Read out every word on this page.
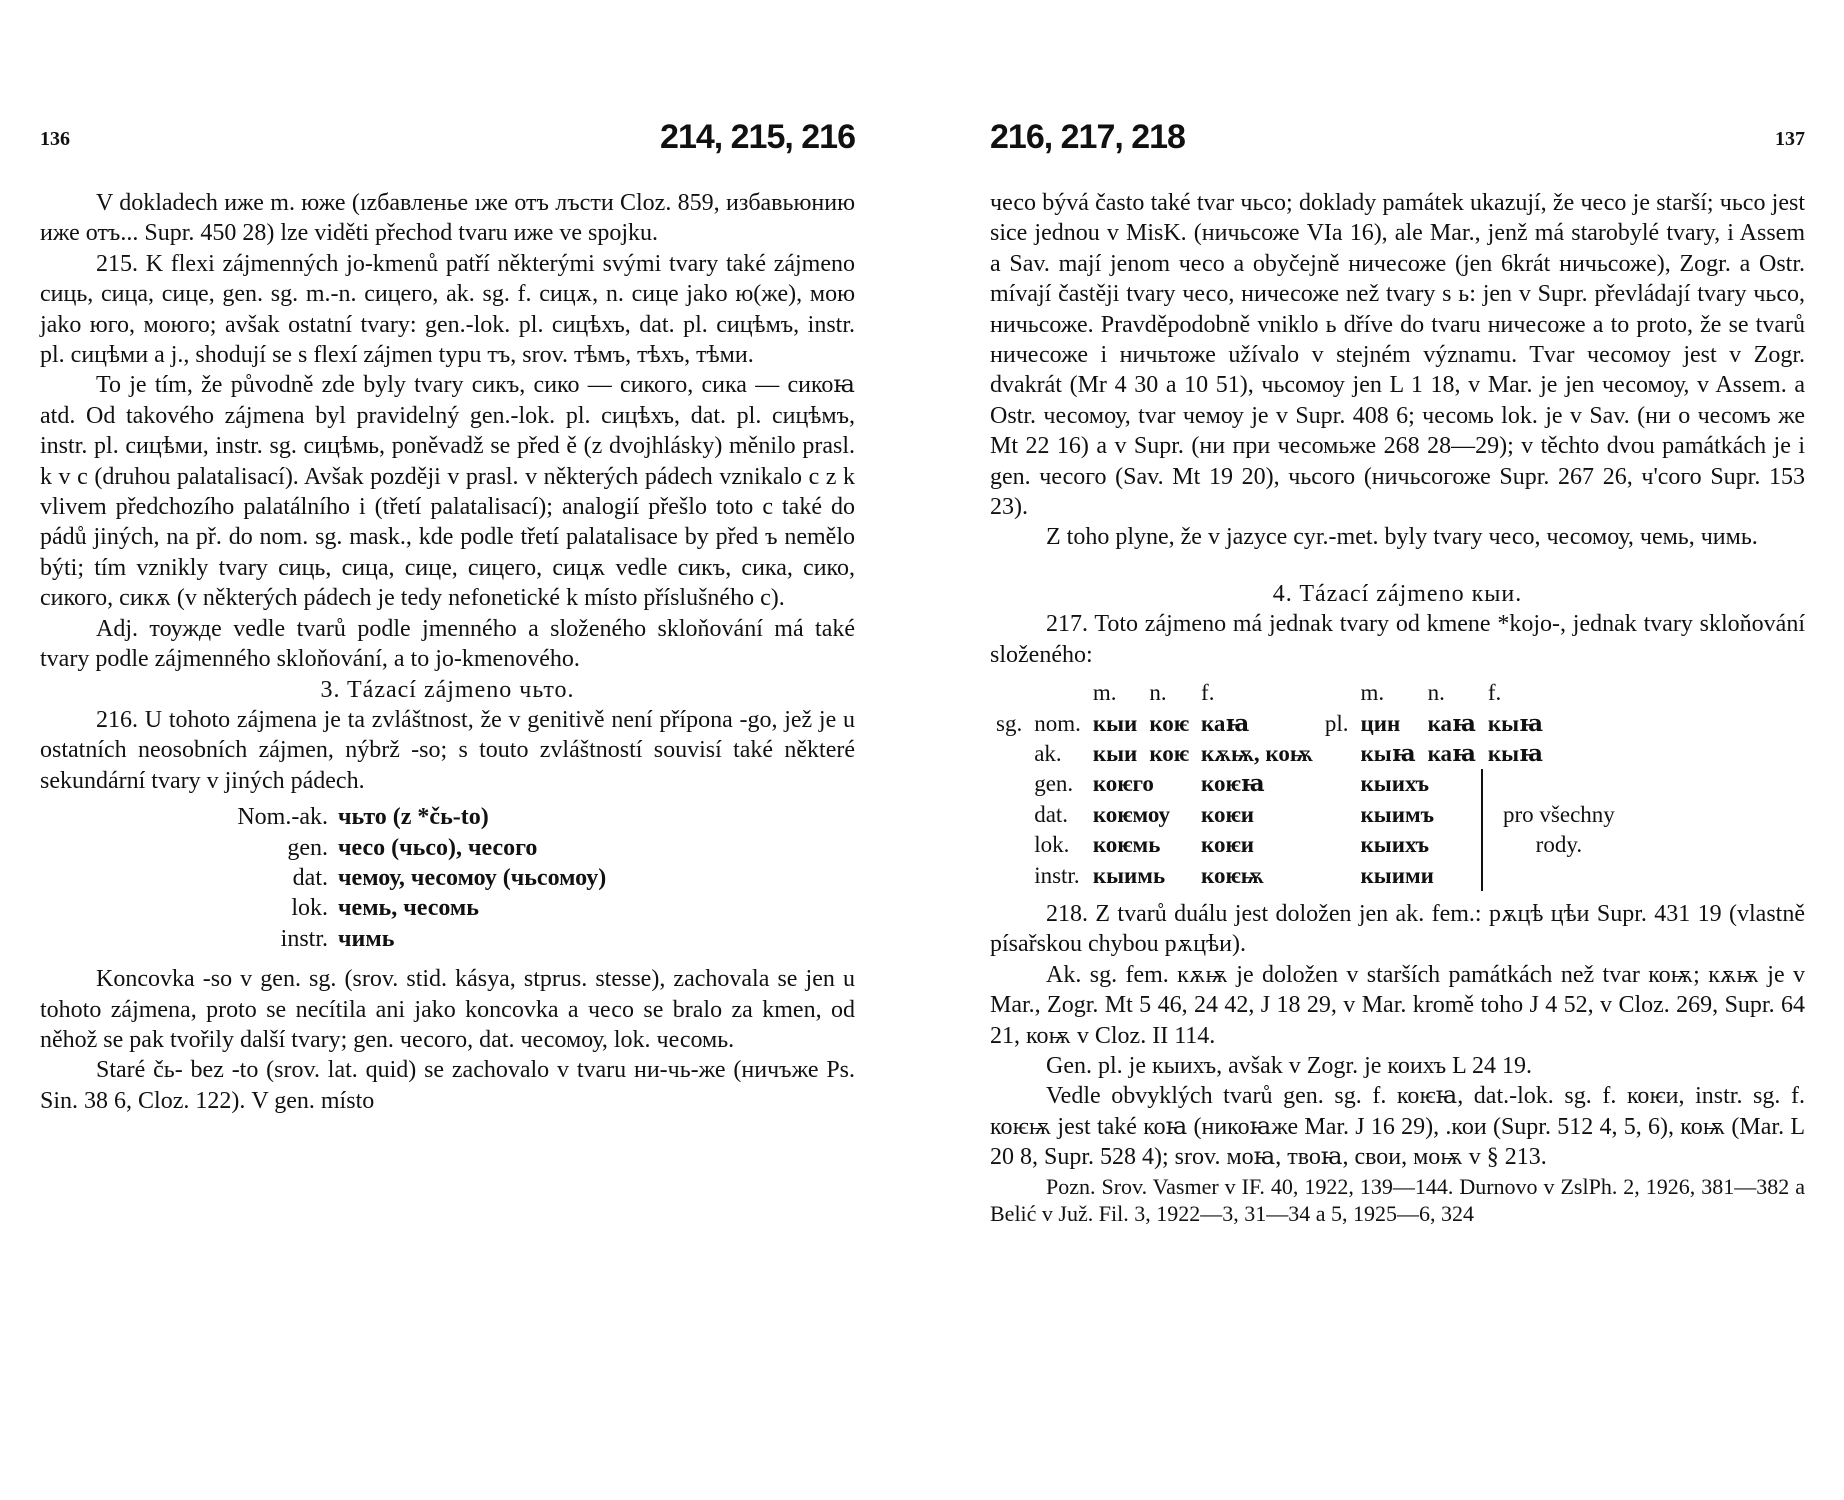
136	214, 215, 216

V dokladech иже m. юже (ızбавленье ıже отъ лъсти Cloz. 859, избавьюнию иже отъ... Supr. 450 28) lze viděti přechod tvaru иже ve spojku.

215. K flexi zájmenných jo-kmenů patří některými svými tvary také zájmeno сиць, сица, сице, gen. sg. m.-n. сицего, ak. sg. f. сицѫ, n. сице jako ю(же), мою jako юго, моюго; avšak ostatní tvary: gen.-lok. pl. сицѣхъ, dat. pl. сицѣмъ, instr. pl. сицѣми a j., shodují se s flexí zájmen typu тъ, srov. тѣмъ, тѣхъ, тѣми.

To je tím, že původně zde byly tvary сикъ, сико — сикого, сика — сикоꙗ atd. Od takového zájmena byl pravidelný gen.-lok. pl. сицѣхъ, dat. pl. сицѣмъ, instr. pl. сицѣми, instr. sg. сицѣмь, poněvadž se před ě (z dvojhlásky) měnilo prasl. k v c (druhou palatalisací). Avšak později v prasl. v některých pádech vznikalo c z k vlivem předchozího palatálního i (třetí palatalisací); analogií přešlo toto c také do pádů jiných, na př. do nom. sg. mask., kde podle třetí palatalisace by před ъ nemělo býti; tím vznikly tvary сиць, сица, сице, сицего, сицѫ vedle сикъ, сика, сико, сикого, сикѫ (v některých pádech je tedy nefonetické k místo příslušného c).

Adj. тоужде vedle tvarů podle jmenného a složeného skloňování má také tvary podle zájmenného skloňování, a to jo-kmenového.

3. Tázací zájmeno чьто.

216. U tohoto zájmena je ta zvláštnost, že v genitivě není přípona -go, jež je u ostatních neosobních zájmen, nýbrž -so; s touto zvláštností souvisí také některé sekundární tvary v jiných pádech.

Nom.-ak. чьто (z *čь-to)
gen. чесо (чьсо), чесого
dat. чемоу, чесомоу (чьсомоу)
lok. чемь, чесомь
instr. чимь

Koncovka -so v gen. sg. (srov. stid. kásya, stprus. stesse), zachovala se jen u tohoto zájmena, proto se necítila ani jako koncovka a чесо se bralo za kmen, od něhož se pak tvořily další tvary; gen. чесого, dat. чесомоу, lok. чесомь.

Staré čь- bez -to (srov. lat. quid) se zachovalo v tvaru ни-чь-же (ничъже Ps. Sin. 38 6, Cloz. 122). V gen. místo

216, 217, 218	137

чесо bývá často také tvar чьсо; doklady památek ukazují, že чесо je starší; чьсо jest sice jednou v MisK. (ничьсоже VIa 16), ale Mar., jenž má starobylé tvary, i Assem a Sav. mají jenom чесо a obyčejně ничесоже (jen 6krát ничьсоже), Zogr. a Ostr. mívají častěji tvary чесо, ничесоже než tvary s ь: jen v Supr. převládají tvary чьсо, ничьсоже. Pravděpodobně vniklo ь dříve do tvaru ничесоже a to proto, že se tvarů ничесоже i ничьтоже užívalo v stejném významu. Tvar чесомоу jest v Zogr. dvakrát (Mr 4 30 a 10 51), чьсомоу jen L 1 18, v Mar. je jen чесомоу, v Assem. a Ostr. чесомоу, tvar чемоу je v Supr. 408 6; чесомь lok. je v Sav. (ни о чесомъ же Mt 22 16) a v Supr. (ни при чесомьже 268 28—29); v těchto dvou památkách je i gen. чесого (Sav. Mt 19 20), чьсого (ничьсогоже Supr. 267 26, ч'сого Supr. 153 23).

Z toho plyne, že v jazyce cyr.-met. byly tvary чесо, чесомоу, чемь, чимь.

4. Tázací zájmeno кыи.

217. Toto zájmeno má jednak tvary od kmene *kojo-, jednak tvary skloňování složeného:

		m.	n.	f.		m.	n.	f.
sg.	nom.	кыи	коѥ	каꙗ	pl.	цин	каꙗ	кыꙗ
	ak.	кыи	коѥ	кѫѭ, коѭ		кыꙗ	каꙗ	кыꙗ
	gen.	коѥго		коѥꙗ		кыихъ		pro všechny rody.
	dat.	коѥмоу		коѥи		кыимъ		
	lok.	коѥмь		коѥи		кыихъ		
	instr.	кыимь		коѥѭ		кыими		

218. Z tvarů duálu jest doložen jen ak. fem.: рѫцѣ цѣи Supr. 431 19 (vlastně písařskou chybou рѫцѣи).

Ak. sg. fem. кѫѭ je doložen v starších památkách než tvar коѭ; кѫѭ je v Mar., Zogr. Mt 5 46, 24 42, J 18 29, v Mar. kromě toho J 4 52, v Cloz. 269, Supr. 64 21, коѭ v Cloz. II 114.

Gen. pl. je кыихъ, avšak v Zogr. je коихъ L 24 19.

Vedle obvyklých tvarů gen. sg. f. коѥꙗ, dat.-lok. sg. f. коѥи, instr. sg. f. коѥѭ jest také коꙗ (никоꙗже Mar. J 16 29), .кои (Supr. 512 4, 5, 6), коѭ (Mar. L 20 8, Supr. 528 4); srov. моꙗ, твоꙗ, свои, моѭ v § 213.

Pozn. Srov. Vasmer v IF. 40, 1922, 139—144. Durnovo v ZslPh. 2, 1926, 381—382 a Belić v Juž. Fil. 3, 1922—3, 31—34 a 5, 1925—6, 324
